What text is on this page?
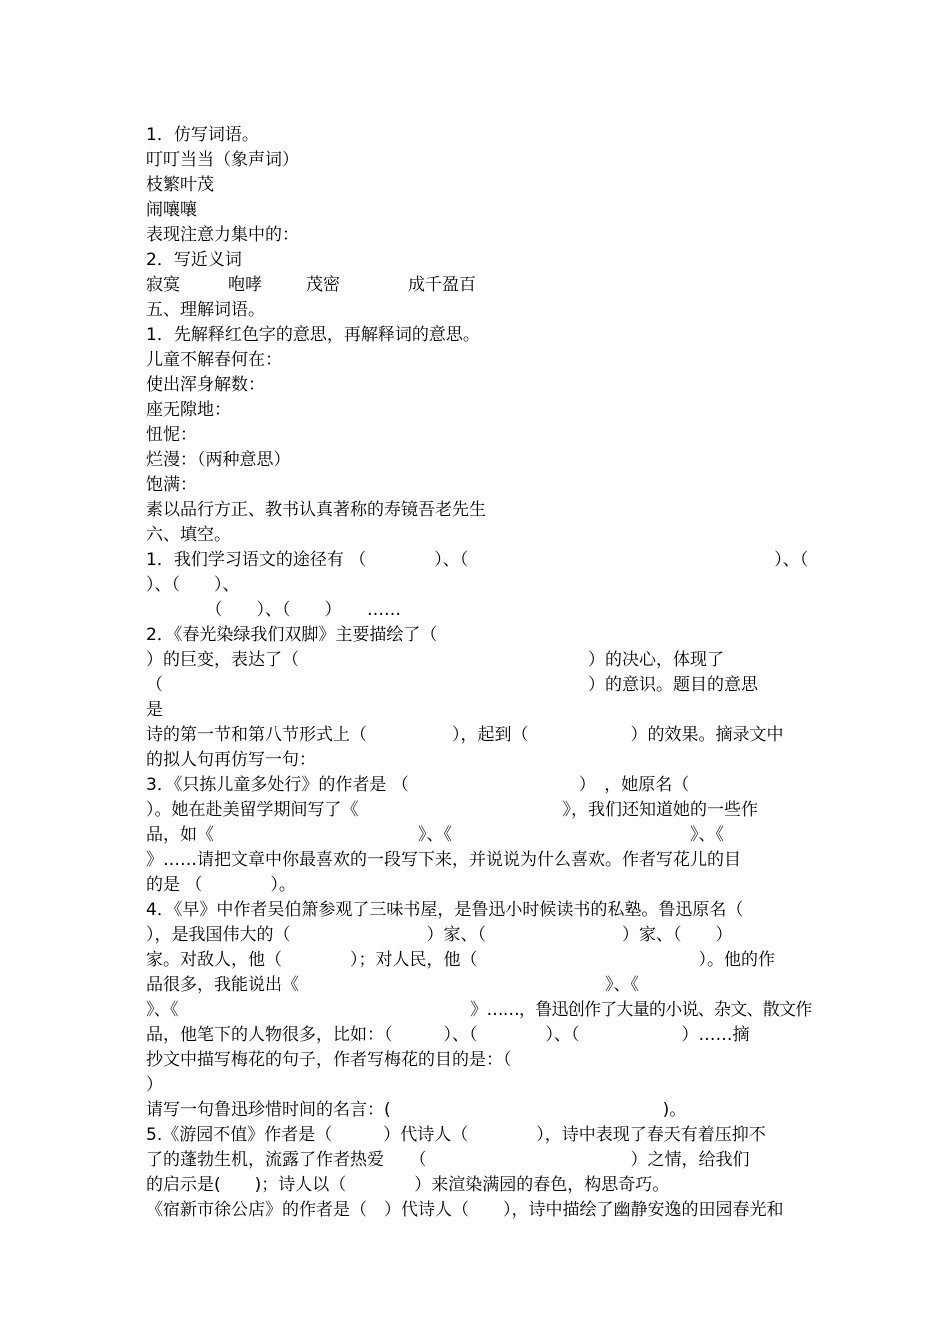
1．仿写词语。
叮叮当当（象声词）
枝繁叶茂
闹嚷嚷
表现注意力集中的：
2．写近义词
寂寞	咆哮	茂密	成千盈百
五、理解词语。
1．先解释红色字的意思，再解释词的意思。
儿童不解春何在：
使出浑身解数：
座无隙地：
忸怩：
烂漫：（两种意思）
饱满：
素以品行方正、教书认真著称的寿镜吾老先生
六、填空。
1．我们学习语文的途径有 （　　　　）、（　　　　　　　　　　　　　　　　　　）、（
）、（　　）、
　　　　（　　）、（　　）　　……
2．《春光染绿我们双脚》主要描绘了（
）的巨变，表达了（　　　　　　　　　　　　　　　　　）的决心，体现了
（　　　　　　　　　　　　　　　　　　　　　　　　　）的意识。题目的意思
是
诗的第一节和第八节形式上（　　　　　），起到（　　　　　　）的效果。摘录文中
的拟人句再仿写一句：
3．《只拣儿童多处行》的作者是 （　　　　　　　　　　）　，她原名（
）。她在赴美留学期间写了《　　　　　　　　　　　　》，我们还知道她的一些作
品，如《　　　　　　　　　　　　》、《　　　　　　　　　　　　　　》、《
》……请把文章中你最喜欢的一段写下来，并说说为什么喜欢。作者写花儿的目
的是 （　　　　）。
4．《早》中作者吴伯箫参观了三味书屋，是鲁迅小时候读书的私塾。鲁迅原名（
），是我国伟大的（　　　　　　　　）家、（　　　　　　　　）家、（　　）
家。对敌人，他（　　　　）；对人民，他（　　　　　　　　　　　　　）。他的作
品很多，我能说出《　　　　　　　　　　　　　　　　　　》、《
》、《　　　　　　　　　　　　　　　　　　》……，鲁迅创作了大量的小说、杂文、散文作
品，他笔下的人物很多，比如：（　　　）、（　　　　）、（　　　　　　）……摘
抄文中描写梅花的句子，作者写梅花的目的是：（
）
请写一句鲁迅珍惜时间的名言：(　　　　　　　　　　　　　　　　)。
5.《游园不值》作者是（　　　）代诗人（　　　　），诗中表现了春天有着压抑不
了的蓬勃生机，流露了作者热爱　　（　　　　　　　　　　　　）之情，给我们
的启示是(　　)；诗人以（　　　　）来渲染满园的春色，构思奇巧。
《宿新市徐公店》的作者是（　）代诗人（　　），诗中描绘了幽静安逸的田园春光和
